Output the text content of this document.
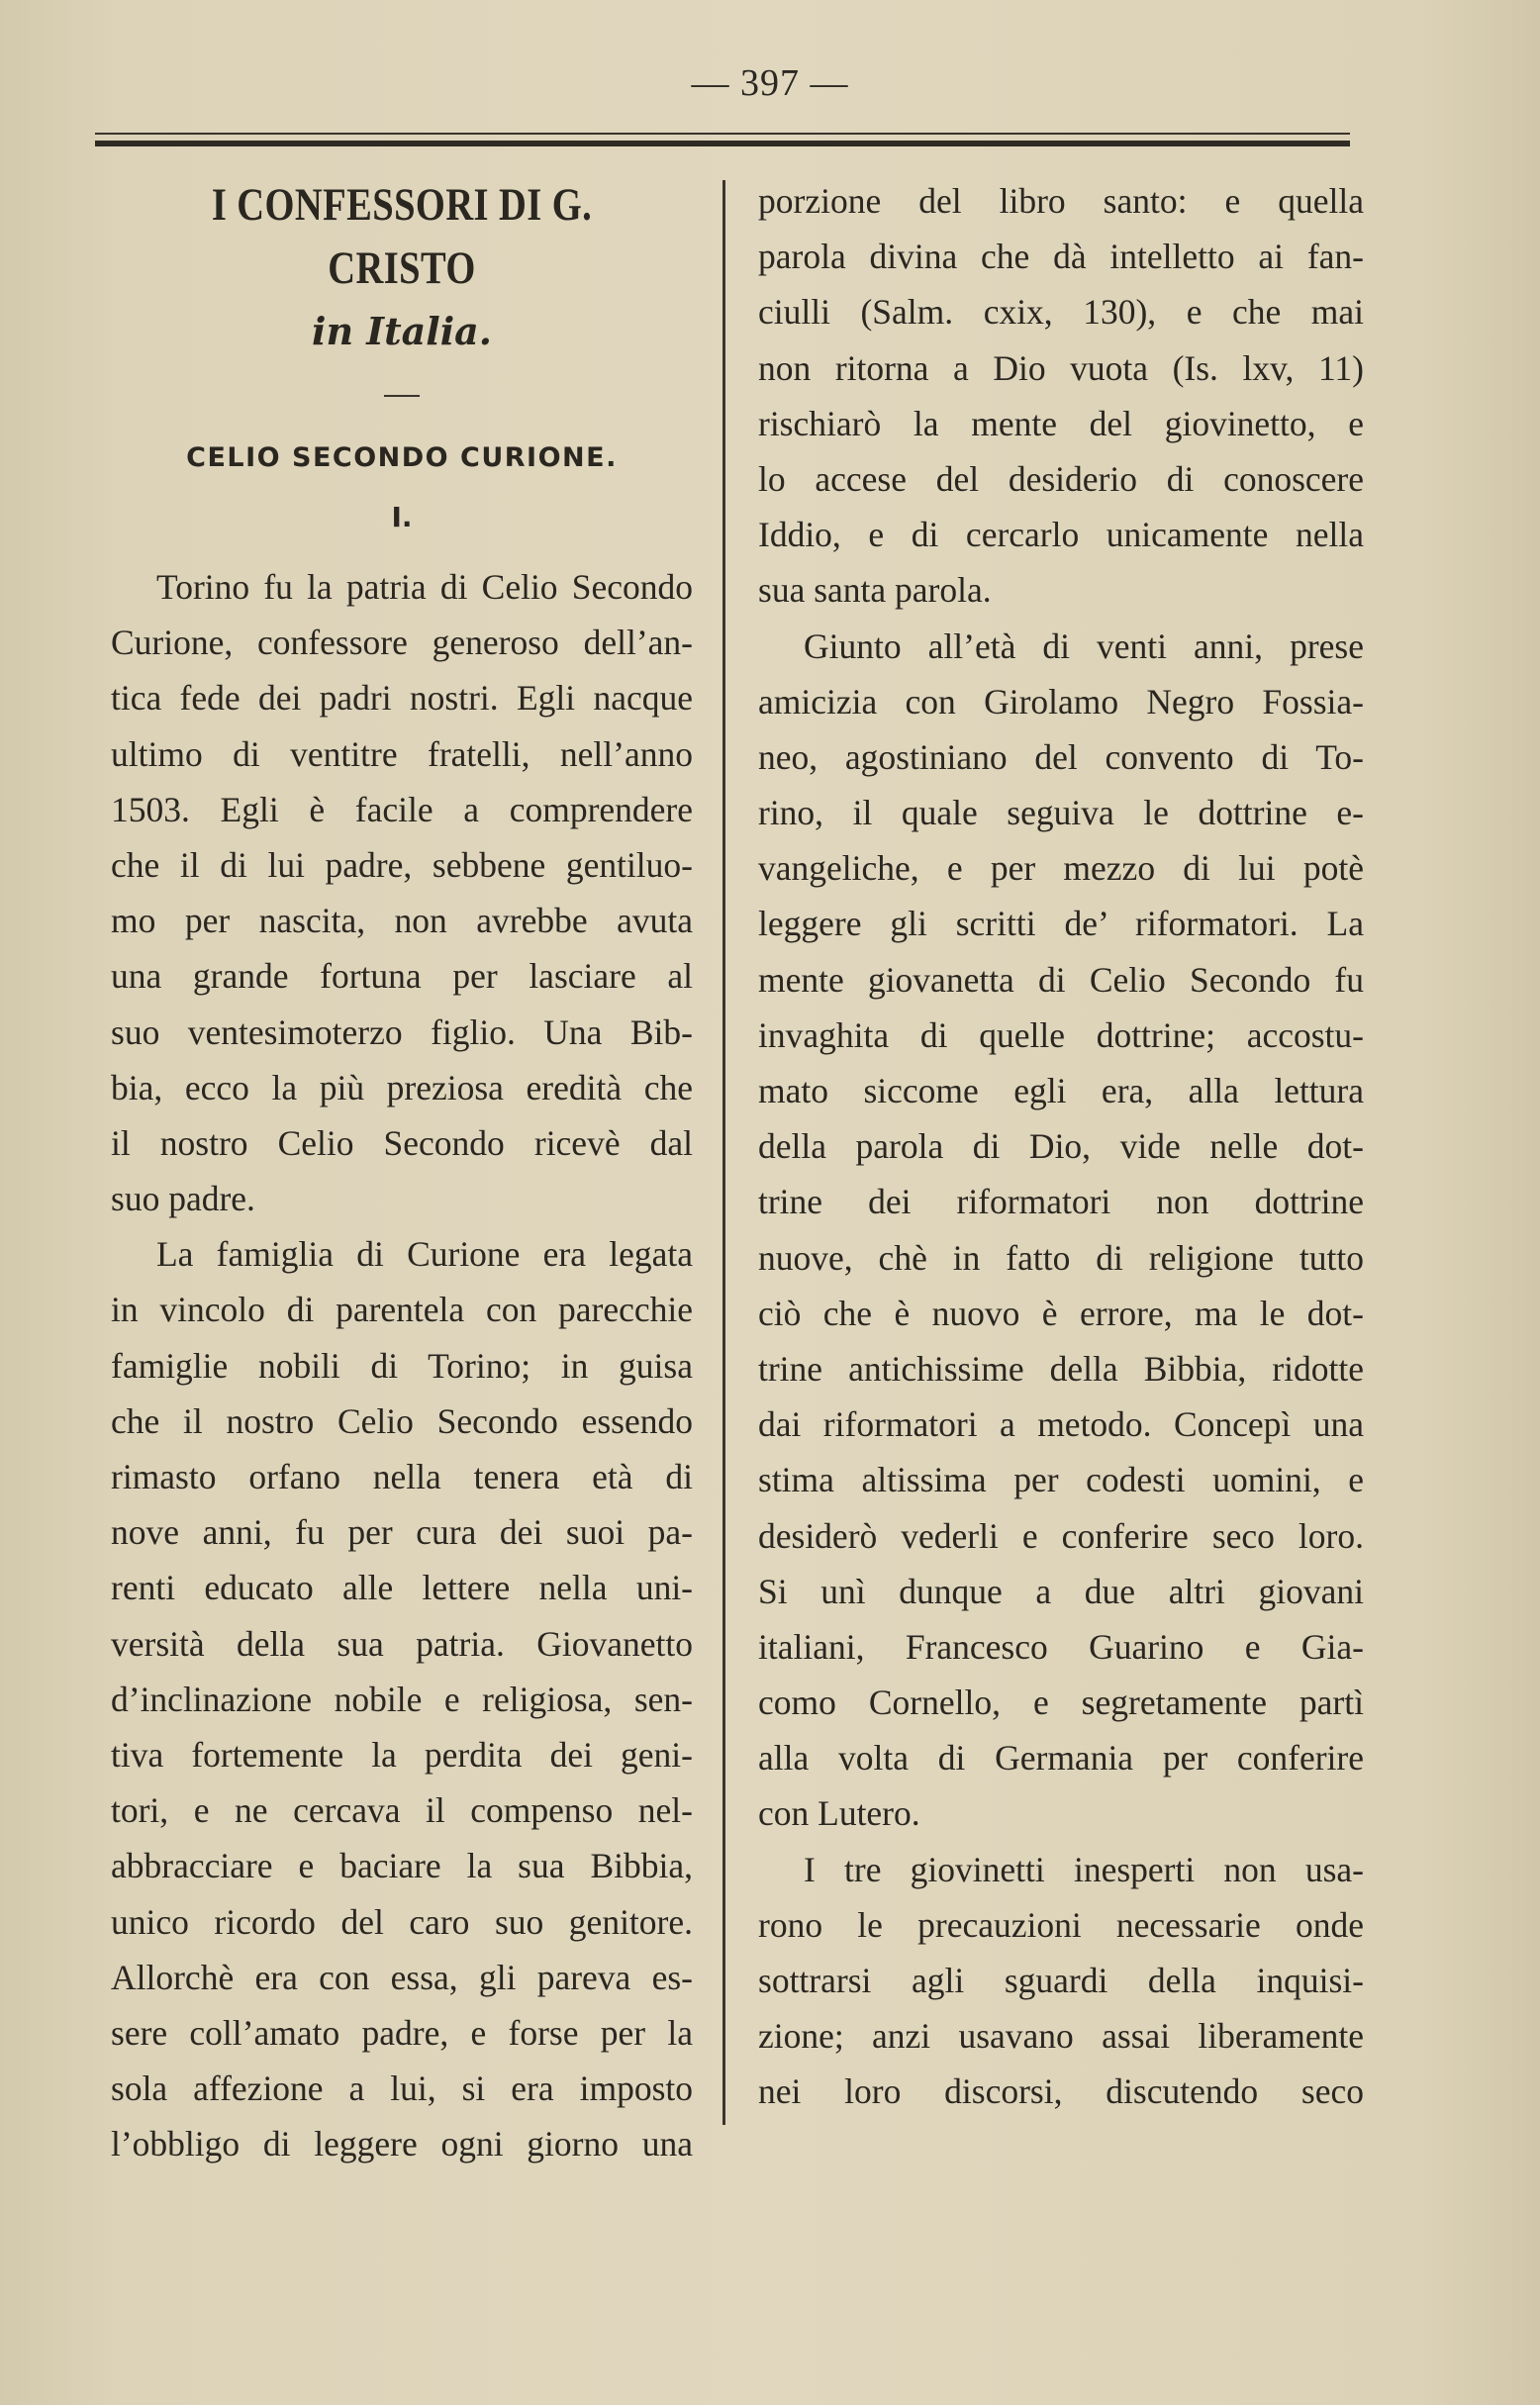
— 397 —
I CONFESSORI DI G. CRISTO
in Italia.
CELIO SECONDO CURIONE.
I.
Torino fu la patria di Celio Secondo
Curione, confessore generoso dell’an-
tica fede dei padri nostri. Egli nacque
ultimo di ventitre fratelli, nell’anno
1503. Egli è facile a comprendere
che il di lui padre, sebbene gentiluo-
mo per nascita, non avrebbe avuta
una grande fortuna per lasciare al
suo ventesimoterzo figlio. Una Bib-
bia, ecco la più preziosa eredità che
il nostro Celio Secondo ricevè dal
suo padre.
La famiglia di Curione era legata
in vincolo di parentela con parecchie
famiglie nobili di Torino; in guisa
che il nostro Celio Secondo essendo
rimasto orfano nella tenera età di
nove anni, fu per cura dei suoi pa-
renti educato alle lettere nella uni-
versità della sua patria. Giovanetto
d’inclinazione nobile e religiosa, sen-
tiva fortemente la perdita dei geni-
tori, e ne cercava il compenso nel-
abbracciare e baciare la sua Bibbia,
unico ricordo del caro suo genitore.
Allorchè era con essa, gli pareva es-
sere coll’amato padre, e forse per la
sola affezione a lui, si era imposto
l’obbligo di leggere ogni giorno una
porzione del libro santo: e quella
parola divina che dà intelletto ai fan-
ciulli (Salm. cxix, 130), e che mai
non ritorna a Dio vuota (Is. lxv, 11)
rischiarò la mente del giovinetto, e
lo accese del desiderio di conoscere
Iddio, e di cercarlo unicamente nella
sua santa parola.
Giunto all’età di venti anni, prese
amicizia con Girolamo Negro Fossia-
neo, agostiniano del convento di To-
rino, il quale seguiva le dottrine e-
vangeliche, e per mezzo di lui potè
leggere gli scritti de’ riformatori. La
mente giovanetta di Celio Secondo fu
invaghita di quelle dottrine; accostu-
mato siccome egli era, alla lettura
della parola di Dio, vide nelle dot-
trine dei riformatori non dottrine
nuove, chè in fatto di religione tutto
ciò che è nuovo è errore, ma le dot-
trine antichissime della Bibbia, ridotte
dai riformatori a metodo. Concepì una
stima altissima per codesti uomini, e
desiderò vederli e conferire seco loro.
Si unì dunque a due altri giovani
italiani, Francesco Guarino e Gia-
como Cornello, e segretamente partì
alla volta di Germania per conferire
con Lutero.
I tre giovinetti inesperti non usa-
rono le precauzioni necessarie onde
sottrarsi agli sguardi della inquisi-
zione; anzi usavano assai liberamente
nei loro discorsi, discutendo seco
